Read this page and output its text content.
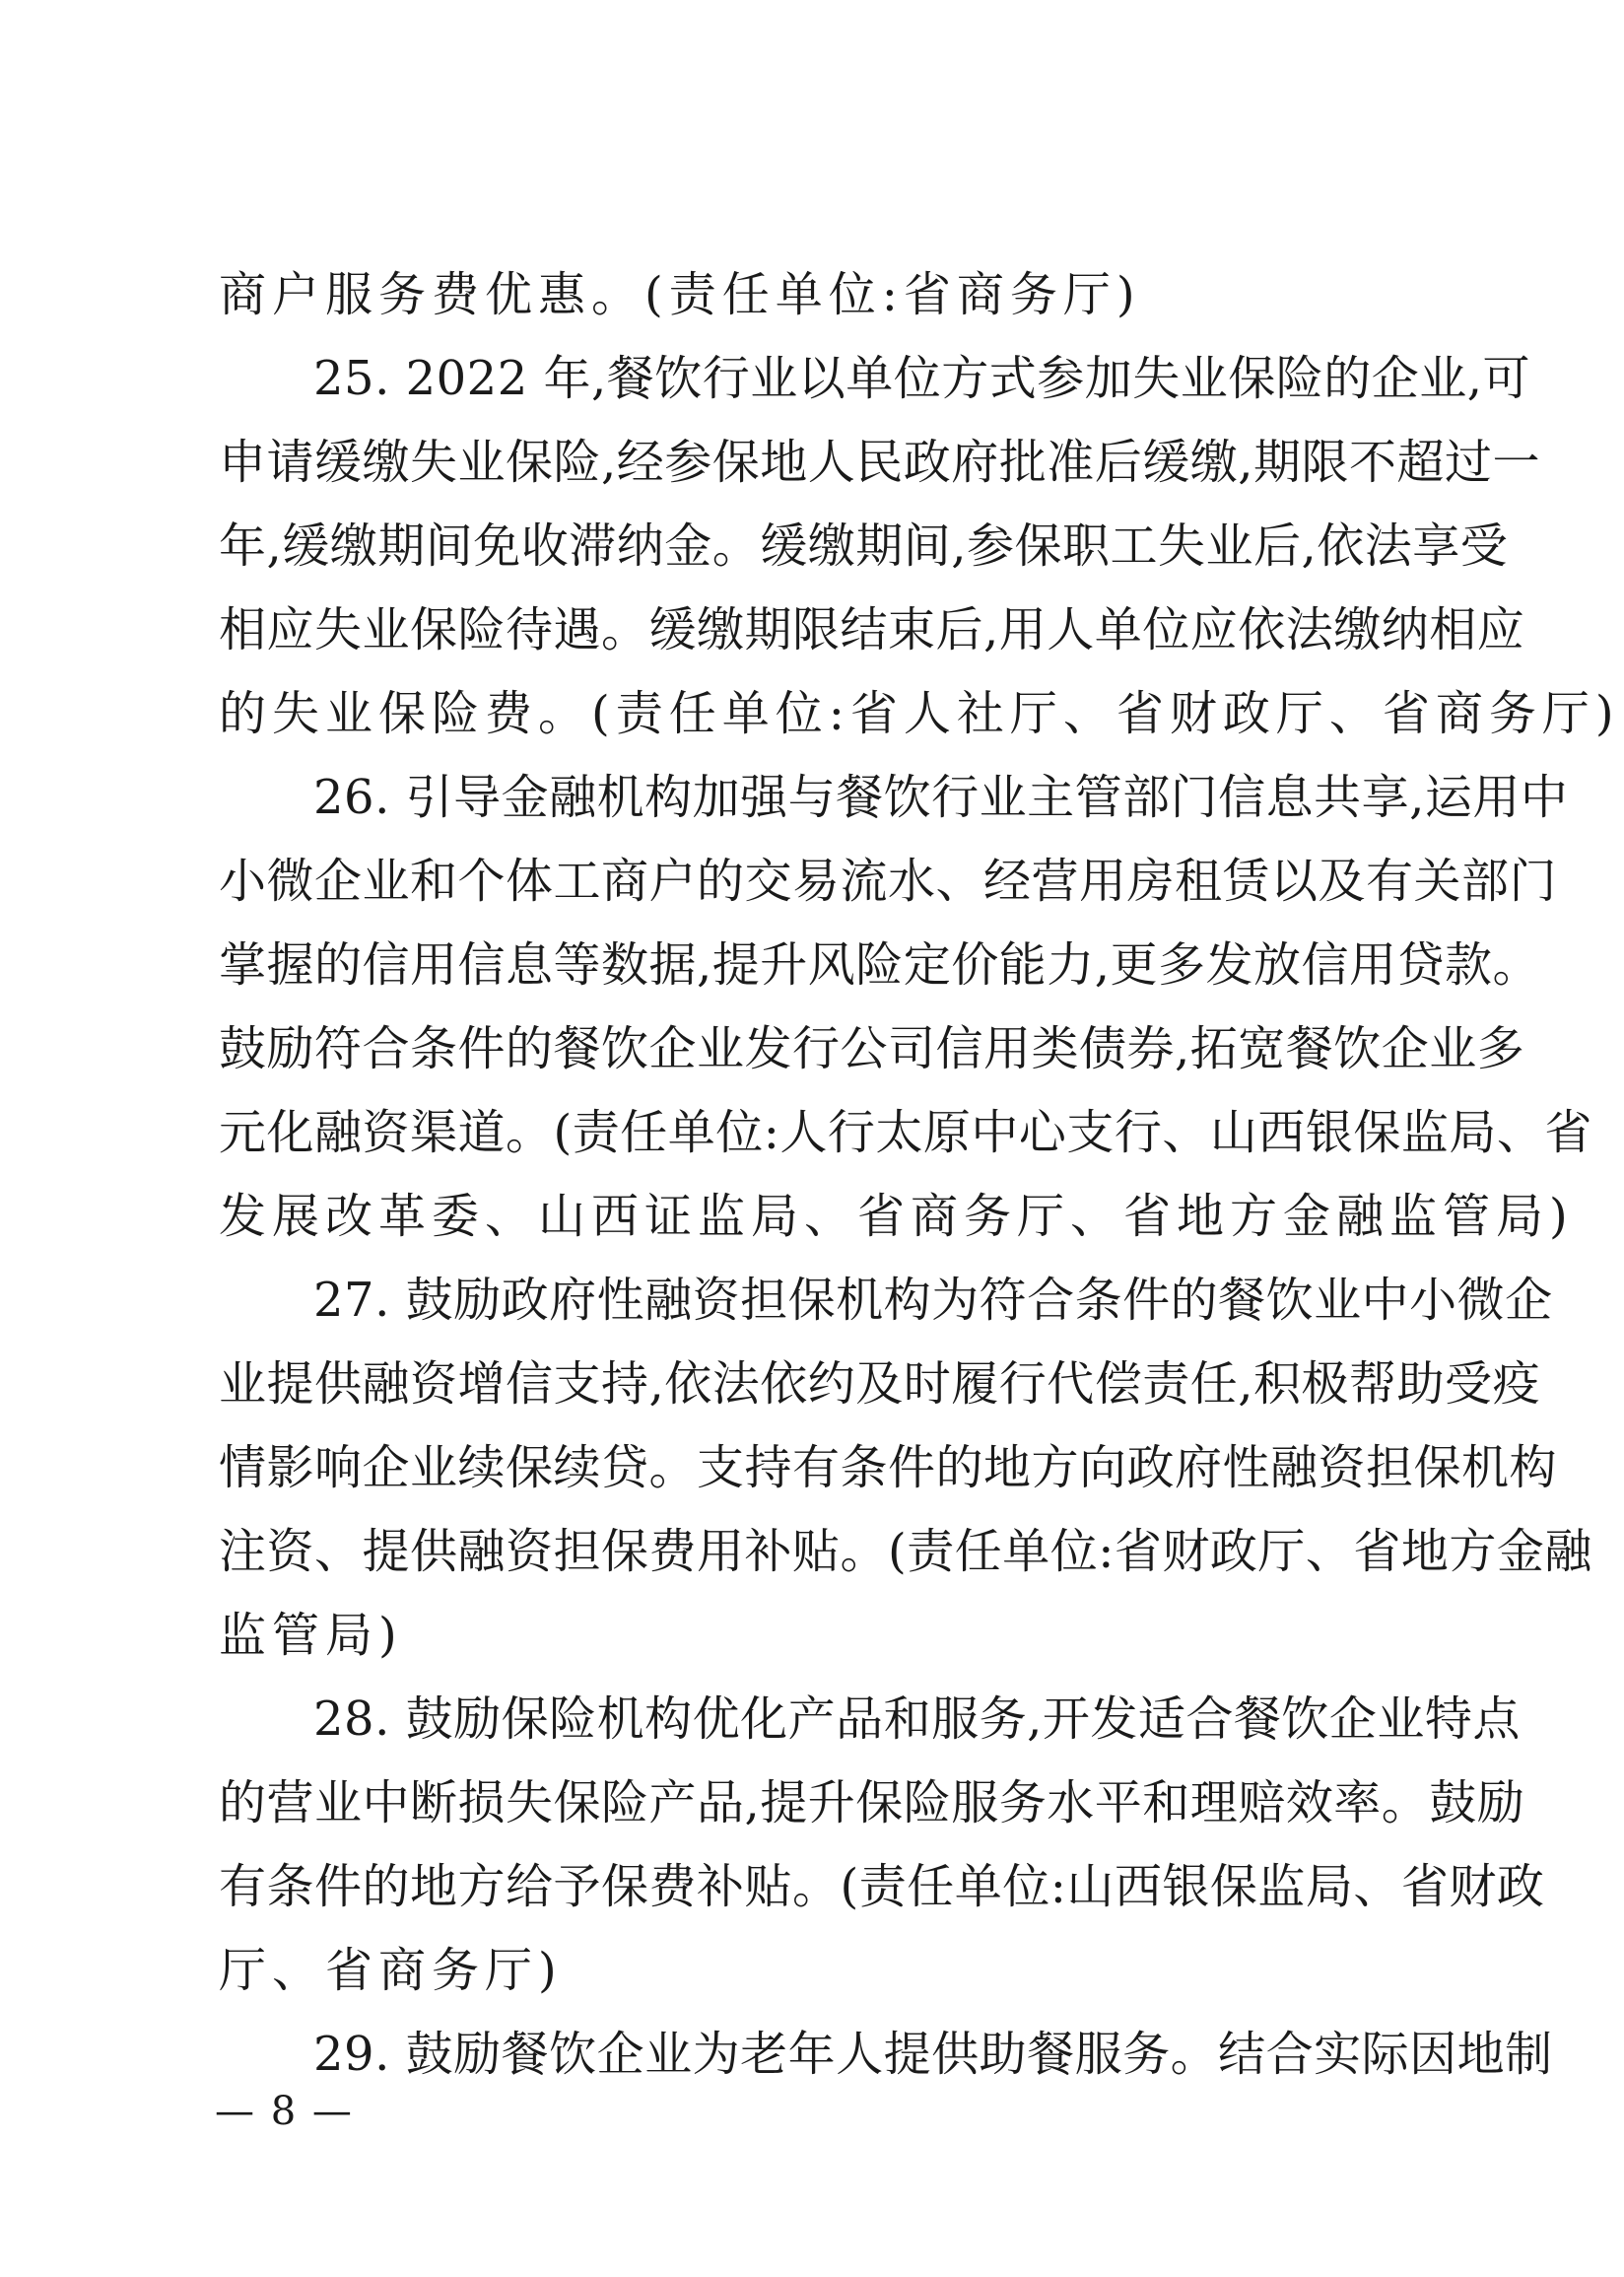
商户服务费优惠。(责任单位:省商务厅)
25. 2022 年,餐饮行业以单位方式参加失业保险的企业,可
申请缓缴失业保险,经参保地人民政府批准后缓缴,期限不超过一
年,缓缴期间免收滞纳金。缓缴期间,参保职工失业后,依法享受
相应失业保险待遇。缓缴期限结束后,用人单位应依法缴纳相应
的失业保险费。(责任单位:省人社厅、省财政厅、省商务厅)
26. 引导金融机构加强与餐饮行业主管部门信息共享,运用中
小微企业和个体工商户的交易流水、经营用房租赁以及有关部门
掌握的信用信息等数据,提升风险定价能力,更多发放信用贷款。
鼓励符合条件的餐饮企业发行公司信用类债券,拓宽餐饮企业多
元化融资渠道。(责任单位:人行太原中心支行、山西银保监局、省
发展改革委、山西证监局、省商务厅、省地方金融监管局)
27. 鼓励政府性融资担保机构为符合条件的餐饮业中小微企
业提供融资增信支持,依法依约及时履行代偿责任,积极帮助受疫
情影响企业续保续贷。支持有条件的地方向政府性融资担保机构
注资、提供融资担保费用补贴。(责任单位:省财政厅、省地方金融
监管局)
28. 鼓励保险机构优化产品和服务,开发适合餐饮企业特点
的营业中断损失保险产品,提升保险服务水平和理赔效率。鼓励
有条件的地方给予保费补贴。(责任单位:山西银保监局、省财政
厅、省商务厅)
29. 鼓励餐饮企业为老年人提供助餐服务。结合实际因地制
— 8 —
